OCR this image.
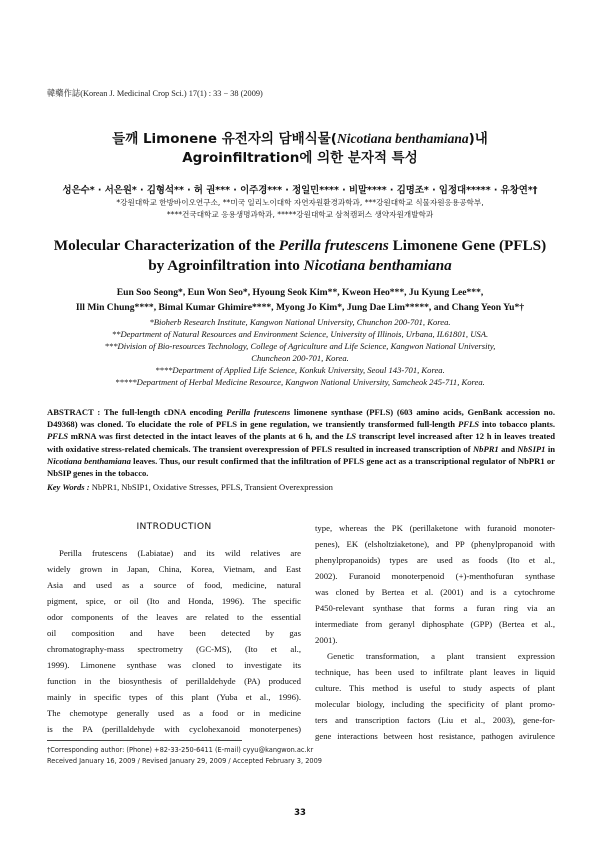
韓藥作誌(Korean J. Medicinal Crop Sci.) 17(1) : 33 − 38 (2009)
들깨 Limonene 유전자의 담배식물(Nicotiana benthamiana)내
Agroinfiltration에 의한 분자적 특성
성은수* · 서은원* · 김형석** · 허 권*** · 이주경*** · 정일민**** · 비말**** · 김명조* · 임정대***** · 유창연*†
*강원대학교 한방바이오연구소, **미국 일리노이대학 자연자원환경과학과, ***강원대학교 식물자원응용공학부,
****건국대학교 응용생명과학과, *****강원대학교 삼척캠퍼스 생약자원개발학과
Molecular Characterization of the Perilla frutescens Limonene Gene (PFLS)
by Agroinfiltration into Nicotiana benthamiana
Eun Soo Seong*, Eun Won Seo*, Hyoung Seok Kim**, Kweon Heo***, Ju Kyung Lee***,
Ill Min Chung****, Bimal Kumar Ghimire****, Myong Jo Kim*, Jung Dae Lim*****, and Chang Yeon Yu*†
*Bioherb Research Institute, Kangwon National University, Chunchon 200-701, Korea.
**Department of Natural Resources and Environment Science, University of Illinois, Urbana, IL61801, USA.
***Division of Bio-resources Technology, College of Agriculture and Life Science, Kangwon National University,
Chuncheon 200-701, Korea.
****Department of Applied Life Science, Konkuk University, Seoul 143-701, Korea.
*****Department of Herbal Medicine Resource, Kangwon National University, Samcheok 245-711, Korea.
ABSTRACT : The full-length cDNA encoding Perilla frutescens limonene synthase (PFLS) (603 amino acids, GenBank accession no. D49368) was cloned. To elucidate the role of PFLS in gene regulation, we transiently transformed full-length PFLS into tobacco plants. PFLS mRNA was first detected in the intact leaves of the plants at 6 h, and the LS transcript level increased after 12 h in leaves treated with oxidative stress-related chemicals. The transient overexpression of PFLS resulted in increased transcription of NbPR1 and NbSIP1 in Nicotiana benthamiana leaves. Thus, our result confirmed that the infiltration of PFLS gene act as a transcriptional regulator of NbPR1 or NbSIP genes in the tobacco.
Key Words : NbPR1, NbSIP1, Oxidative Stresses, PFLS, Transient Overexpression
INTRODUCTION
Perilla frutescens (Labiatae) and its wild relatives are
widely grown in Japan, China, Korea, Vietnam, and East
Asia and used as a source of food, medicine, natural
pigment, spice, or oil (Ito and Honda, 1996). The specific
odor components of the leaves are related to the essential
oil composition and have been detected by gas
chromatography-mass spectrometry (GC-MS), (Ito et al.,
1999). Limonene synthase was cloned to investigate its
function in the biosynthesis of perillaldehyde (PA) produced
mainly in specific types of this plant (Yuba et al., 1996).
The chemotype generally used as a food or in medicine
is the PA (perillaldehyde with cyclohexanoid monoterpenes)
type, whereas the PK (perillaketone with furanoid monoter-
penes), EK (elsholtziaketone), and PP (phenylpropanoid with
phenylpropanoids) types are used as foods (Ito et al.,
2002). Furanoid monoterpenoid (+)-menthofuran synthase
was cloned by Bertea et al. (2001) and is a cytochrome
P450-relevant synthase that forms a furan ring via an
intermediate from geranyl diphosphate (GPP) (Bertea et al.,
2001).
Genetic transformation, a plant transient expression
technique, has been used to infiltrate plant leaves in liquid
culture. This method is useful to study aspects of plant
molecular biology, including the specificity of plant promo-
ters and transcription factors (Liu et al., 2003), gene-for-
gene interactions between host resistance, pathogen avirulence
†Corresponding author: (Phone) +82-33-250-6411 (E-mail) cyyu@kangwon.ac.kr
Received January 16, 2009 / Revised January 29, 2009 / Accepted February 3, 2009
33
